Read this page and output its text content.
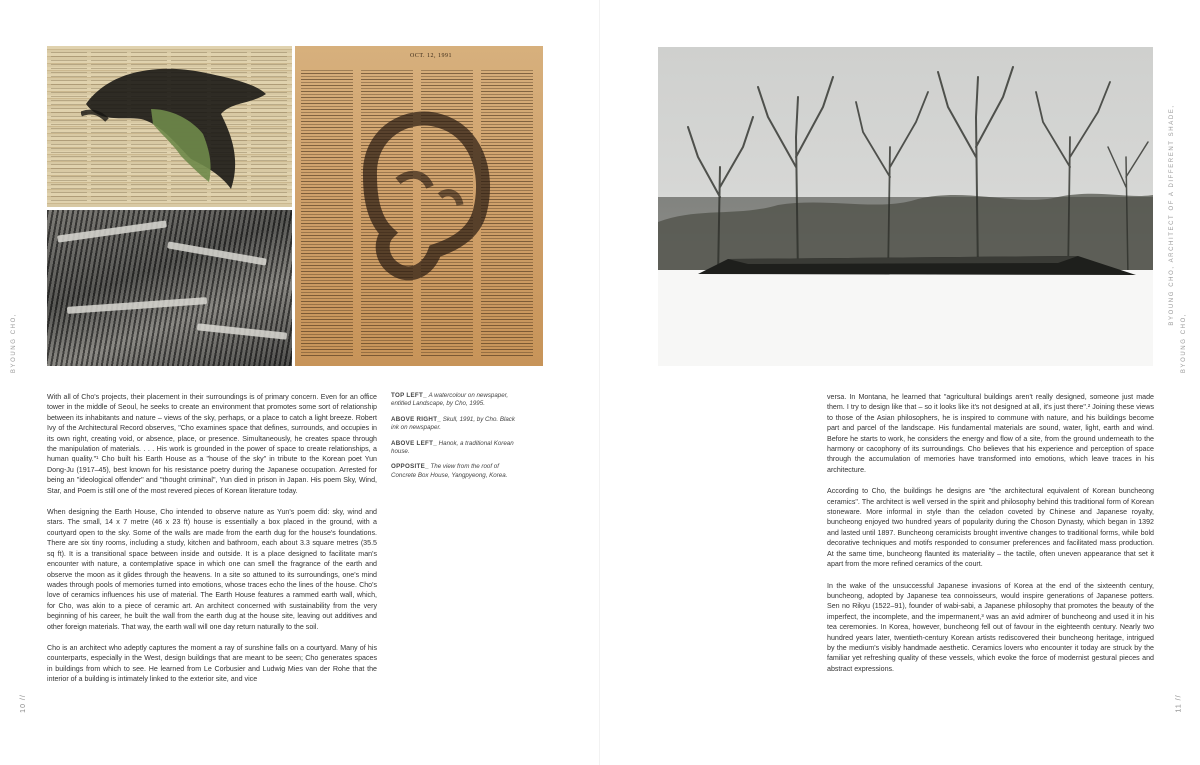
BYOUNG CHO,
10 //
OCT. 12, 1991

With all of Cho's projects, their placement in their surroundings is of primary concern. Even for an office tower in the middle of Seoul, he seeks to create an environment that promotes some sort of relationship between its inhabitants and nature – views of the sky, perhaps, or a place to catch a light breeze. Robert Ivy of the Architectural Record observes, "Cho examines space that defines, surrounds, and occupies in its own right, creating void, or absence, place, or presence. Simultaneously, he creates space through the manipulation of materials. . . . His work is grounded in the power of space to create relationships, a human quality."¹ Cho built his Earth House as a "house of the sky" in tribute to the Korean poet Yun Dong-Ju (1917–45), best known for his resistance poetry during the Japanese occupation. Arrested for being an "ideological offender" and "thought criminal", Yun died in prison in Japan. His poem Sky, Wind, Star, and Poem is still one of the most revered pieces of Korean literature today.

When designing the Earth House, Cho intended to observe nature as Yun's poem did: sky, wind and stars. The small, 14 x 7 metre (46 x 23 ft) house is essentially a box placed in the ground, with a courtyard open to the sky. Some of the walls are made from the earth dug for the house's foundations. There are six tiny rooms, including a study, kitchen and bathroom, each about 3.3 square metres (35.5 sq ft). It is a transitional space between inside and outside. It is a place designed to facilitate man's encounter with nature, a contemplative space in which one can smell the fragrance of the earth and observe the moon as it glides through the heavens. In a site so attuned to its surroundings, one's mind wades through pools of memories turned into emotions, whose traces echo the lines of the house. Cho's love of ceramics influences his use of material. The Earth House features a rammed earth wall, which, for Cho, was akin to a piece of ceramic art. An architect concerned with sustainability from the very beginning of his career, he built the wall from the earth dug at the house site, leaving out additives and other foreign materials. That way, the earth wall will one day return naturally to the soil.

Cho is an architect who adeptly captures the moment a ray of sunshine falls on a courtyard. Many of his counterparts, especially in the West, design buildings that are meant to be seen; Cho generates spaces in buildings from which to see. He learned from Le Corbusier and Ludwig Mies van der Rohe that the interior of a building is intimately linked to the exterior site, and vice

TOP LEFT_ A watercolour on newspaper, entitled Landscape, by Cho, 1995.
ABOVE RIGHT_ Skull, 1991, by Cho. Black ink on newspaper.
ABOVE LEFT_ Hanok, a traditional Korean house.
OPPOSITE_ The view from the roof of Concrete Box House, Yangpyeong, Korea.
BYOUNG CHO, ARCHITECT OF A DIFFERENT SHADE,
BYOUNG CHO,
11 //

versa. In Montana, he learned that "agricultural buildings aren't really designed, someone just made them. I try to design like that – so it looks like it's not designed at all, it's just there".² Joining these views to those of the Asian philosophers, he is inspired to commune with nature, and his buildings become part and parcel of the landscape. His fundamental materials are sound, water, light, earth and wind. Before he starts to work, he considers the energy and flow of a site, from the ground underneath to the harmony or cacophony of its surroundings. Cho believes that his experience and perception of space through the accumulation of memories have transformed into emotions, which leave traces in his architecture.

According to Cho, the buildings he designs are "the architectural equivalent of Korean buncheong ceramics". The architect is well versed in the spirit and philosophy behind this traditional form of Korean stoneware. More informal in style than the celadon coveted by Chinese and Japanese royalty, buncheong enjoyed two hundred years of popularity during the Choson Dynasty, which began in 1392 and lasted until 1897. Buncheong ceramicists brought inventive changes to traditional forms, while bold decorative techniques and motifs responded to consumer preferences and facilitated mass production. At the same time, buncheong flaunted its materiality – the tactile, often uneven appearance that set it apart from the more refined ceramics of the court.

In the wake of the unsuccessful Japanese invasions of Korea at the end of the sixteenth century, buncheong, adopted by Japanese tea connoisseurs, would inspire generations of Japanese potters. Sen no Rikyu (1522–91), founder of wabi-sabi, a Japanese philosophy that promotes the beauty of the imperfect, the incomplete, and the impermanent,³ was an avid admirer of buncheong and used it in his tea ceremonies. In Korea, however, buncheong fell out of favour in the eighteenth century. Nearly two hundred years later, twentieth-century Korean artists rediscovered their buncheong heritage, intrigued by the medium's visibly handmade aesthetic. Ceramics lovers who encounter it today are struck by the familiar yet refreshing quality of these vessels, which evoke the force of modernist gestural pieces and abstract expressions.
